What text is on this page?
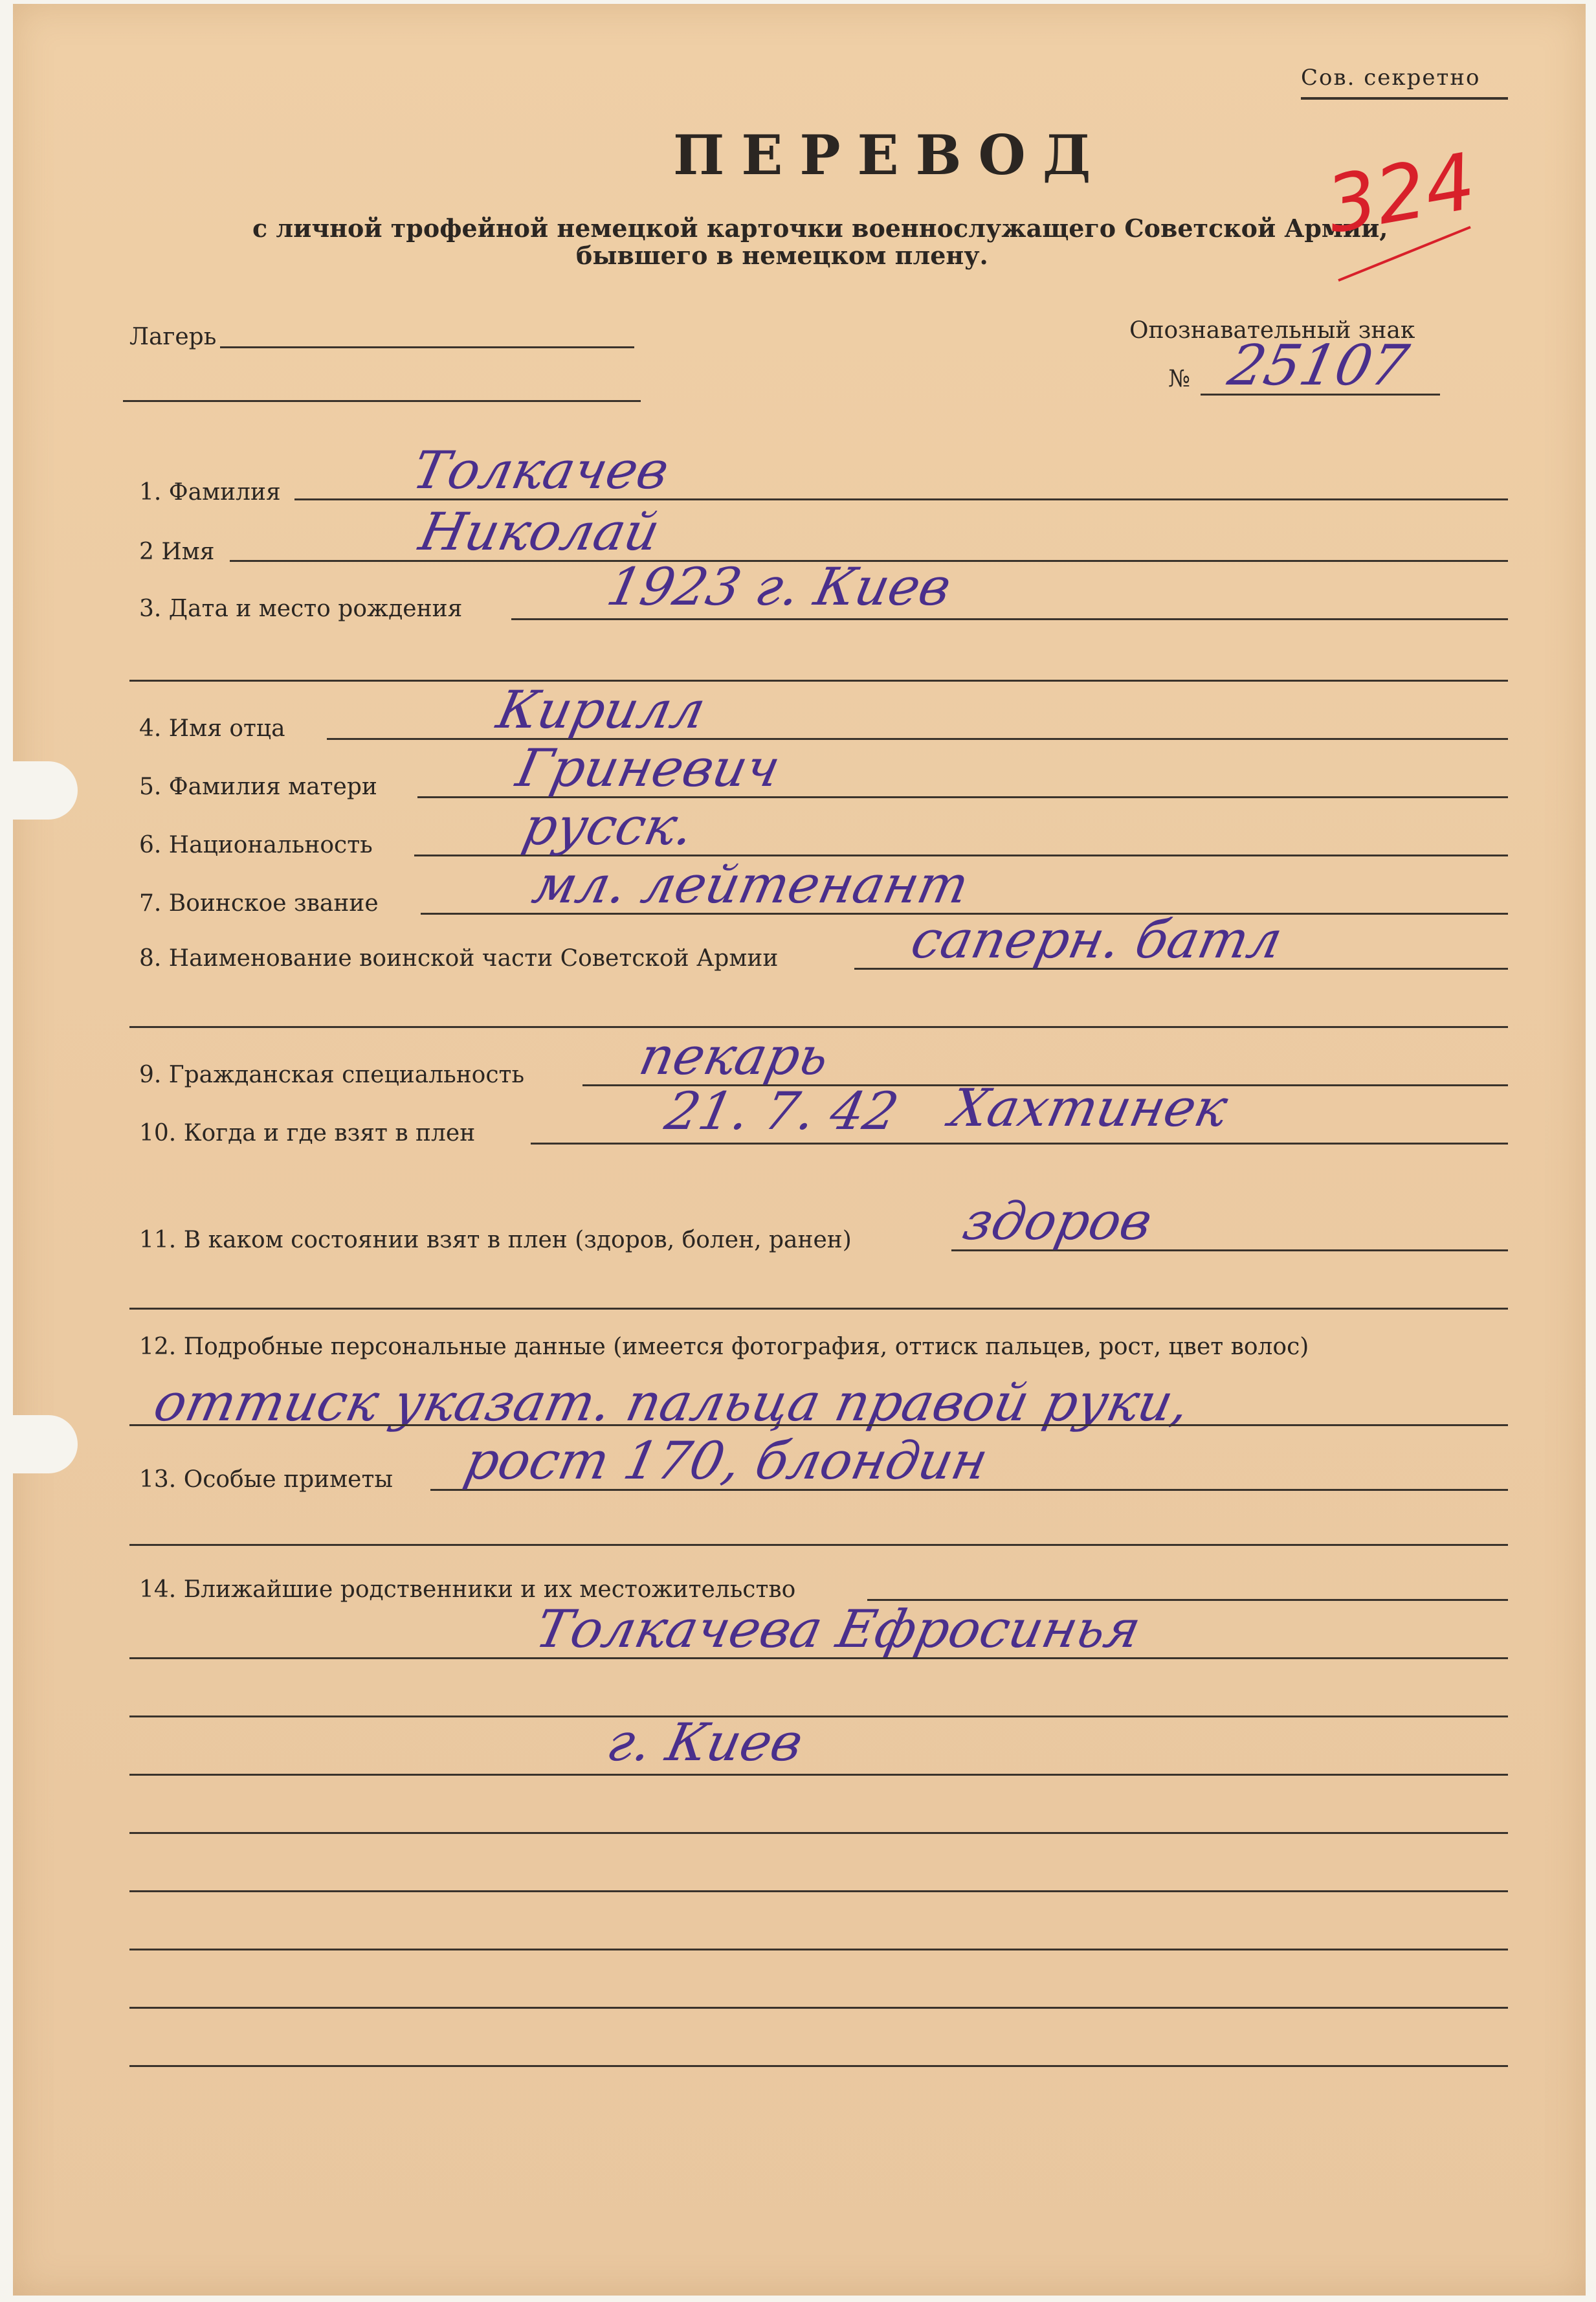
Сов. секретно
ПЕРЕВОД
с личной трофейной немецкой карточки военнослужащего Советской Армии,
бывшего в немецком плену.
324
Лагерь	Опознавательный знак
№ 25107
1. Фамилия Толкачев
2 Имя	Николай
3. Дата и место рождения	1923 г. Киев
4. Имя отца	Кирилл
5. Фамилия матери	Гриневич
6. Национальность	русск.
7. Воинское звание	мл. лейтенант
8. Наименование воинской части Советской Армии саперн. батл
9. Гражданская специальность пекарь
10. Когда и где взят в плен	21. 7. 42 Хахтинек
11. В каком состоянии взят в плен (здоров, болен, ранен) здоров
12. Подробные персональные данные (имеется фотография, оттиск пальцев, рост, цвет волос)
оттиск указат. пальца правой руки,
13. Особые приметы рост 170, блондин
14. Ближайшие родственники и их местожительство
Толкачева Ефросинья
г. Киев
